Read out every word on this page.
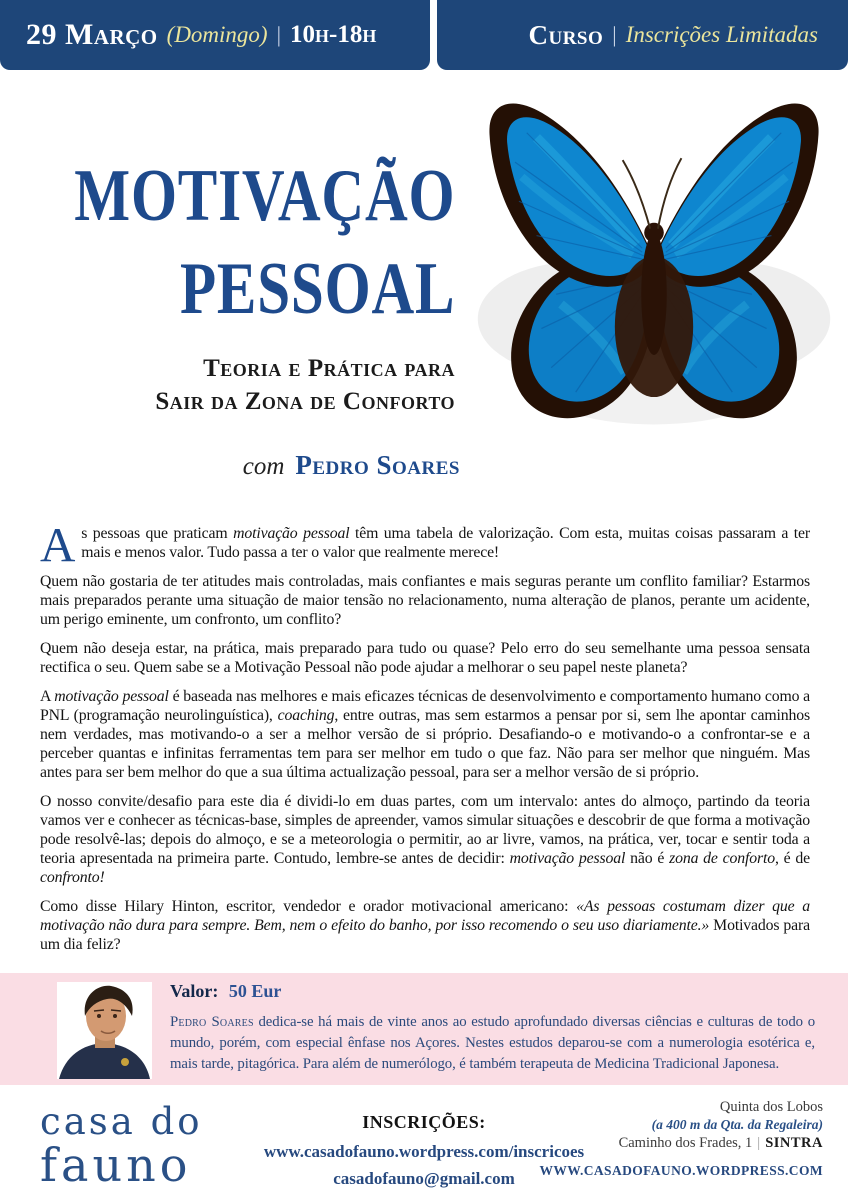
29 Março (Domingo) | 10h-18h	Curso | Inscrições Limitadas
MOTIVAÇÃO
PESSOAL
Teoria e Prática para
Sair da Zona de Conforto
com Pedro Soares

As pessoas que praticam motivação pessoal têm uma tabela de valorização. Com esta, muitas coisas passaram a ter mais e menos valor. Tudo passa a ter o valor que realmente merece!

Quem não gostaria de ter atitudes mais controladas, mais confiantes e mais seguras perante um conflito familiar? Estarmos mais preparados perante uma situação de maior tensão no relacionamento, numa alteração de planos, perante um acidente, um perigo eminente, um confronto, um conflito?

Quem não deseja estar, na prática, mais preparado para tudo ou quase? Pelo erro do seu semelhante uma pessoa sensata rectifica o seu. Quem sabe se a Motivação Pessoal não pode ajudar a melhorar o seu papel neste planeta?

A motivação pessoal é baseada nas melhores e mais eficazes técnicas de desenvolvimento e comportamento humano como a PNL (programação neurolinguística), coaching, entre outras, mas sem estarmos a pensar por si, sem lhe apontar caminhos nem verdades, mas motivando-o a ser a melhor versão de si próprio. Desafiando-o e motivando-o a confrontar-se e a perceber quantas e infinitas ferramentas tem para ser melhor em tudo o que faz. Não para ser melhor que ninguém. Mas antes para ser bem melhor do que a sua última actualização pessoal, para ser a melhor versão de si próprio.

O nosso convite/desafio para este dia é dividi-lo em duas partes, com um intervalo: antes do almoço, partindo da teoria vamos ver e conhecer as técnicas-base, simples de apreender, vamos simular situações e descobrir de que forma a motivação pode resolvê-las; depois do almoço, e se a meteorologia o permitir, ao ar livre, vamos, na prática, ver, tocar e sentir toda a teoria apresentada na primeira parte. Contudo, lembre-se antes de decidir: motivação pessoal não é zona de conforto, é de confronto!

Como disse Hilary Hinton, escritor, vendedor e orador motivacional americano: «As pessoas costumam dizer que a motivação não dura para sempre. Bem, nem o efeito do banho, por isso recomendo o seu uso diariamente.» Motivados para um dia feliz?

Valor: 50 Eur
Pedro Soares dedica-se há mais de vinte anos ao estudo aprofundado diversas ciências e culturas de todo o mundo, porém, com especial ênfase nos Açores. Nestes estudos deparou-se com a numerologia esotérica e, mais tarde, pitagórica. Para além de numerólogo, é também terapeuta de Medicina Tradicional Japonesa.
casa do
fauno
INSCRIÇÕES:
www.casadofauno.wordpress.com/inscricoes
casadofauno@gmail.com
Quinta dos Lobos
(a 400 m da Qta. da Regaleira)
Caminho dos Frades, 1 | SINTRA
WWW.CASADOFAUNO.WORDPRESS.COM
